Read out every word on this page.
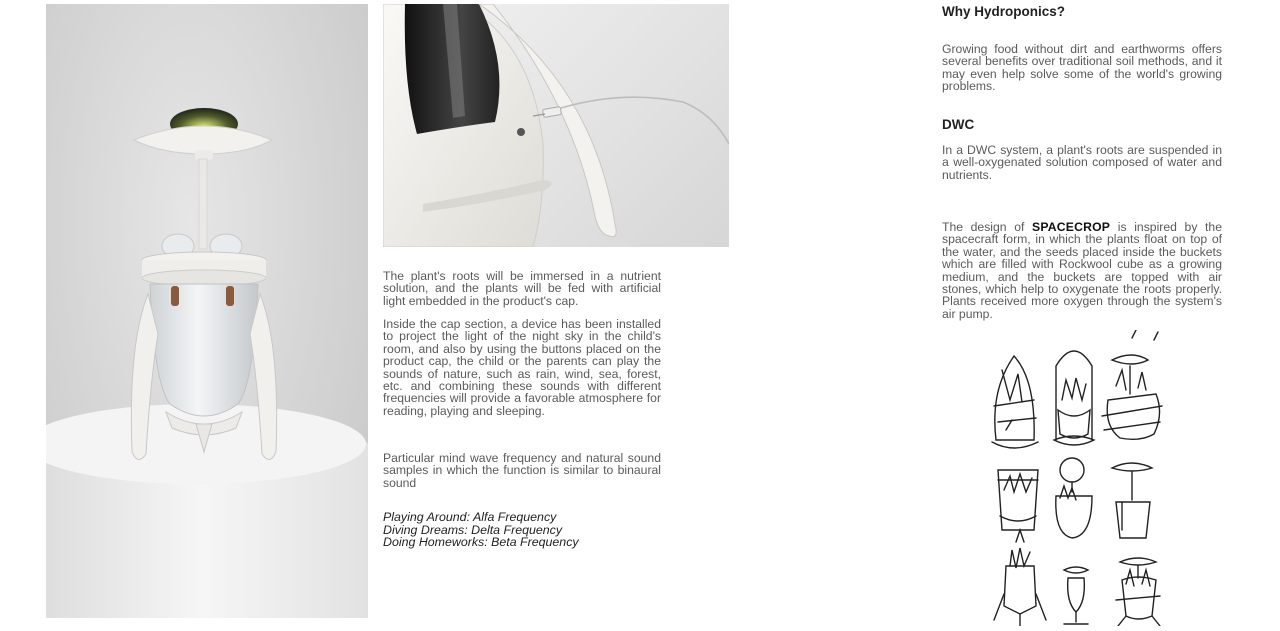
The plant's roots will be immersed in a nutrient solution, and the plants will be fed with artificial light embedded in the product's cap.

Inside the cap section, a device has been installed to project the light of the night sky in the child's room, and also by using the buttons placed on the product cap, the child or the parents can play the sounds of nature, such as rain, wind, sea, forest, etc. and combining these sounds with different frequencies will provide a favorable atmosphere for reading, playing and sleeping.

Particular mind wave frequency and natural sound samples in which the function is similar to binaural sound

Playing Around: Alfa Frequency
Diving Dreams: Delta Frequency
Doing Homeworks: Beta Frequency
Why Hydroponics?

Growing food without dirt and earthworms offers several benefits over traditional soil methods, and it may even help solve some of the world's growing problems.

DWC

In a DWC system, a plant's roots are suspended in a well-oxygenated solution composed of water and nutrients.

The design of SPACECROP is inspired by the spacecraft form, in which the plants float on top of the water, and the seeds placed inside the buckets which are filled with Rockwool cube as a growing medium, and the buckets are topped with air stones, which help to oxygenate the roots properly. Plants received more oxygen through the system's air pump.
